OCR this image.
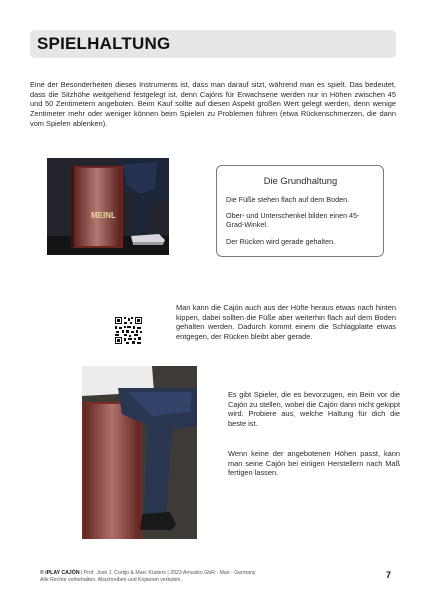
SPIELHALTUNG

Eine der Besonderheiten dieses Instruments ist, dass man darauf sitzt, während man es spielt. Das bedeutet, dass die Sitzhöhe weitgehend festgelegt ist, denn Cajóns für Erwachsene werden nur in Höhen zwischen 45 und 50 Zentimetern angeboten. Beim Kauf sollte auf diesen Aspekt großen Wert gelegt werden, denn wenige Zentimeter mehr oder weniger können beim Spielen zu Problemen führen (etwa Rückenschmerzen, die dann vom Spielen ablenken).

MEINL
Die Grundhaltung

Die Füße stehen flach auf dem Boden.

Ober- und Unterschenkel bilden einen 45-Grad-Winkel.

Der Rücken wird gerade gehalten.

Man kann die Cajón auch aus der Hüfte heraus etwas nach hinten kippen, dabei sollten die Füße aber weiterhin flach auf dem Boden gehalten werden. Dadurch kommt einem die Schlagplatte etwas entgegen, der Rücken bleibt aber gerade.

Es gibt Spieler, die es bevorzugen, ein Bein vor die Cajón zu stellen, wobei die Cajón dann nicht gekippt wird. Probiere aus, welche Haltung für dich die beste ist.

Wenn keine der angebotenen Höhen passt, kann man seine Cajón bei einigen Herstellern nach Maß fertigen lassen.

© iPLAY CAJÓN | Prof. José J. Cortijo & Marc Küsters | 2023 Amusiko GbR - Mari - Germany
Alle Rechte vorbehalten. Abschreiben und Kopieren verboten.	7
